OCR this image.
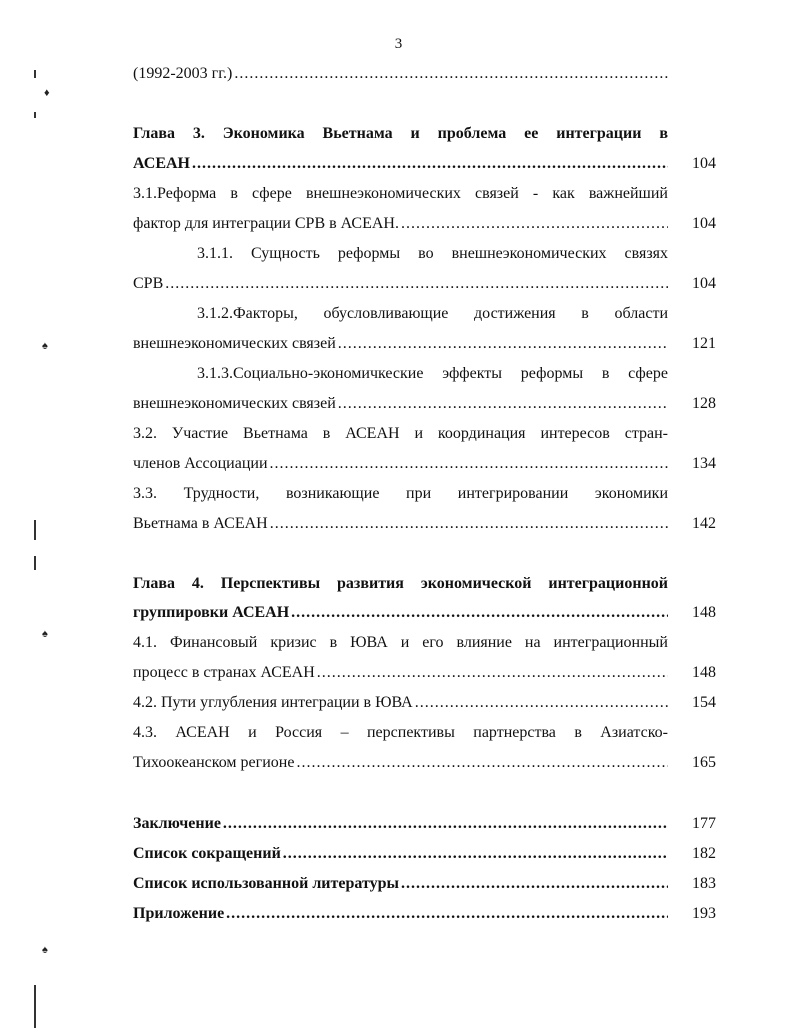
3
♦
♠
♠
♠
(1992-2003 гг.)
.....
Глава 3. Экономика Вьетнама и проблема ее интеграции в
АСЕАН .....	104
3.1.Реформа в сфере внешнеэкономических связей - как важнейший
фактор для интеграции СРВ в АСЕАН. .....	104
3.1.1. Сущность реформы во внешнеэкономических связях
СРВ .....	104
3.1.2.Факторы, обусловливающие достижения в области
внешнеэкономических связей .....	121
3.1.3.Социально-экономичкеские эффекты реформы в сфере
внешнеэкономических связей .....	128
3.2. Участие Вьетнама в АСЕАН и координация интересов стран-
членов Ассоциации .....	134
3.3. Трудности, возникающие при интегрировании экономики
Вьетнама в АСЕАН .....	142
Глава 4. Перспективы развития экономической интеграционной
группировки АСЕАН .....	148
4.1. Финансовый кризис в ЮВА и его влияние на интеграционный
процесс в странах АСЕАН .....	148
4.2. Пути углубления интеграции в ЮВА .....	154
4.3. АСЕАН и Россия – перспективы партнерства в Азиатско-
Тихоокеанском регионе .....	165
Заключение .....	177
Список сокращений .....	182
Список использованной литературы .....	183
Приложение .....	193
